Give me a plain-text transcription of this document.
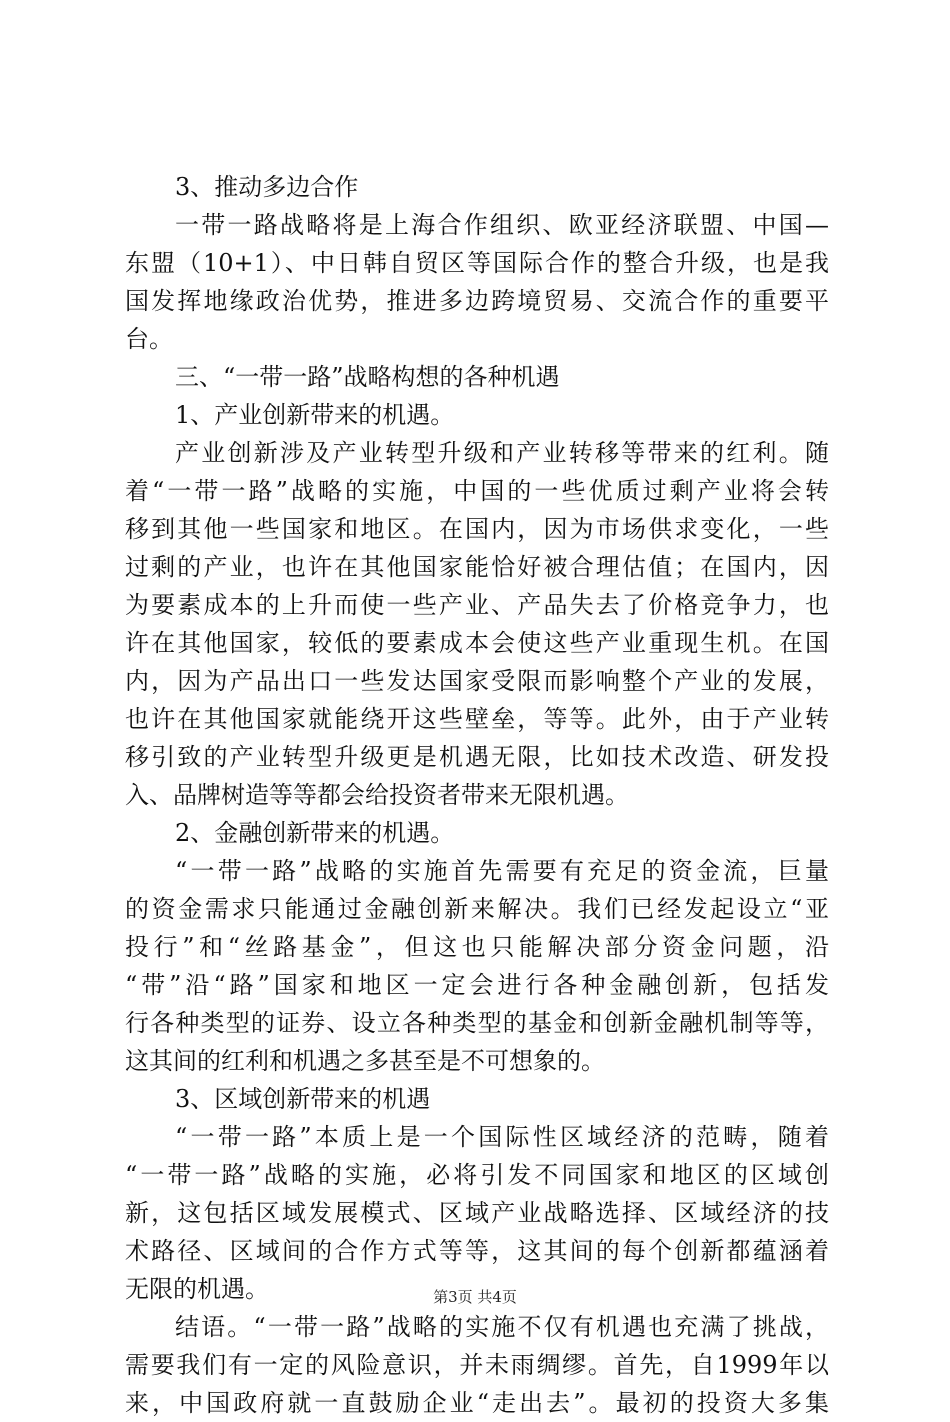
3、推动多边合作
一带一路战略将是上海合作组织、欧亚经济联盟、中国—
东盟（10+1）、中日韩自贸区等国际合作的整合升级，也是我
国发挥地缘政治优势，推进多边跨境贸易、交流合作的重要平
台。
三、“一带一路”战略构想的各种机遇
1、产业创新带来的机遇。
产业创新涉及产业转型升级和产业转移等带来的红利。随
着“一带一路”战略的实施，中国的一些优质过剩产业将会转
移到其他一些国家和地区。在国内，因为市场供求变化，一些
过剩的产业，也许在其他国家能恰好被合理估值；在国内，因
为要素成本的上升而使一些产业、产品失去了价格竞争力，也
许在其他国家，较低的要素成本会使这些产业重现生机。在国
内，因为产品出口一些发达国家受限而影响整个产业的发展，
也许在其他国家就能绕开这些壁垒，等等。此外，由于产业转
移引致的产业转型升级更是机遇无限，比如技术改造、研发投
入、品牌树造等等都会给投资者带来无限机遇。
2、金融创新带来的机遇。
“一带一路”战略的实施首先需要有充足的资金流，巨量
的资金需求只能通过金融创新来解决。我们已经发起设立“亚
投行”和“丝路基金”，但这也只能解决部分资金问题，沿
“带”沿“路”国家和地区一定会进行各种金融创新，包括发
行各种类型的证券、设立各种类型的基金和创新金融机制等等，
这其间的红利和机遇之多甚至是不可想象的。
3、区域创新带来的机遇
“一带一路”本质上是一个国际性区域经济的范畴，随着
“一带一路”战略的实施，必将引发不同国家和地区的区域创
新，这包括区域发展模式、区域产业战略选择、区域经济的技
术路径、区域间的合作方式等等，这其间的每个创新都蕴涵着
无限的机遇。
结语。“一带一路”战略的实施不仅有机遇也充满了挑战，
需要我们有一定的风险意识，并未雨绸缪。首先，自1999年以
来，中国政府就一直鼓励企业“走出去”。最初的投资大多集
第3页 共4页
